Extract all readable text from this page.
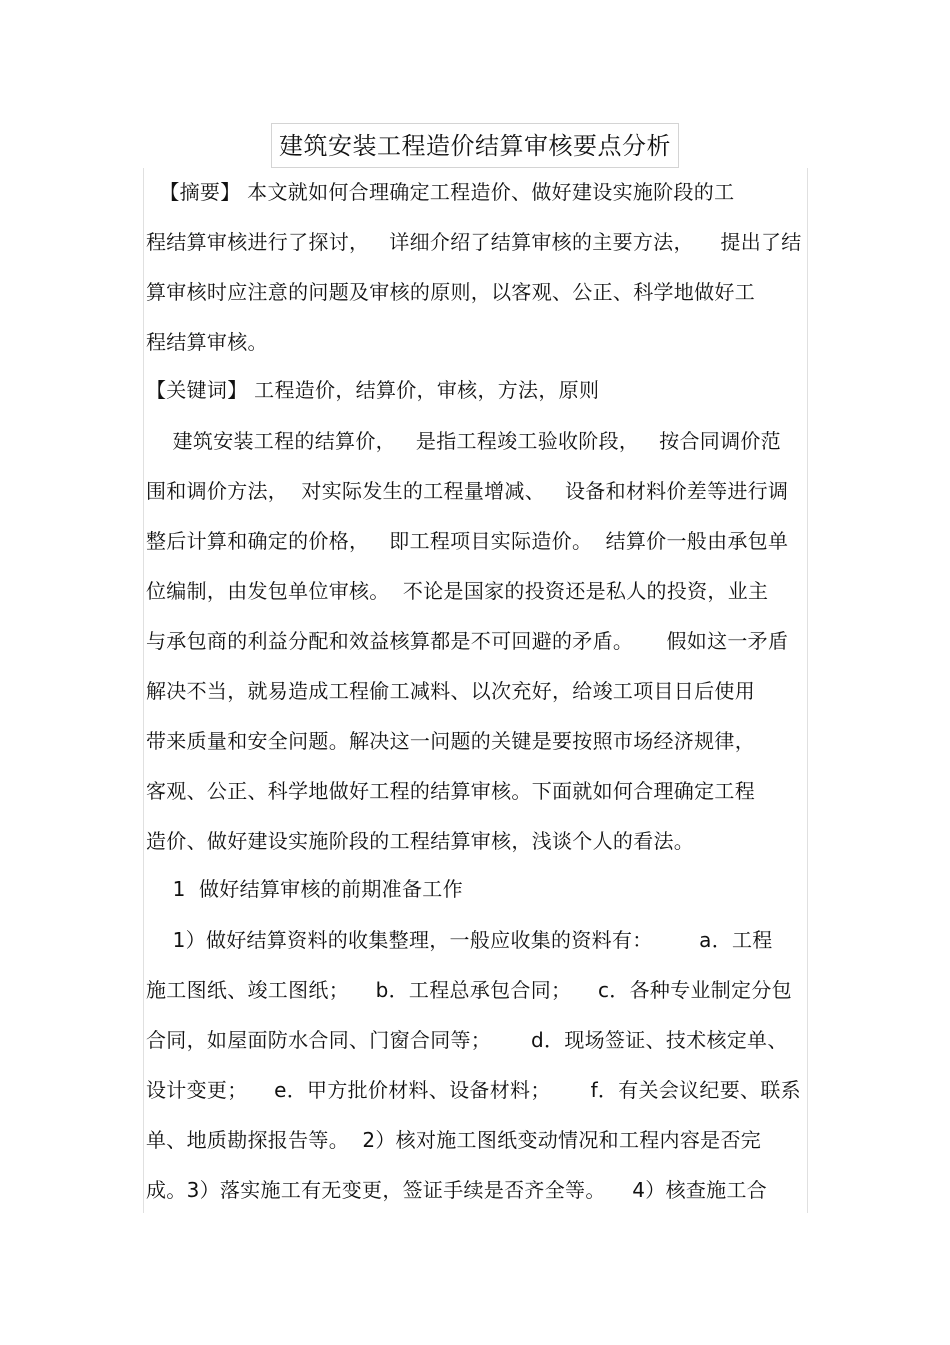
建筑安装工程造价结算审核要点分析
【摘要】 本文就如何合理确定工程造价、做好建设实施阶段的工
程结算审核进行了探讨，   详细介绍了结算审核的主要方法，    提出了结
算审核时应注意的问题及审核的原则，以客观、公正、科学地做好工
程结算审核。
【关键词】 工程造价，结算价，审核，方法，原则
建筑安装工程的结算价，   是指工程竣工验收阶段，   按合同调价范
围和调价方法，  对实际发生的工程量增减、   设备和材料价差等进行调
整后计算和确定的价格，   即工程项目实际造价。  结算价一般由承包单
位编制，由发包单位审核。  不论是国家的投资还是私人的投资，业主
与承包商的利益分配和效益核算都是不可回避的矛盾。     假如这一矛盾
解决不当，就易造成工程偷工减料、以次充好，给竣工项目日后使用
带来质量和安全问题。解决这一问题的关键是要按照市场经济规律，
客观、公正、科学地做好工程的结算审核。下面就如何合理确定工程
造价、做好建设实施阶段的工程结算审核，浅谈个人的看法。
1  做好结算审核的前期准备工作
1）做好结算资料的收集整理，一般应收集的资料有：       a．工程
施工图纸、竣工图纸；    b．工程总承包合同；    c．各种专业制定分包
合同，如屋面防水合同、门窗合同等；      d．现场签证、技术核定单、
设计变更；    e．甲方批价材料、设备材料；      f．有关会议纪要、联系
单、地质勘探报告等。  2）核对施工图纸变动情况和工程内容是否完
成。3）落实施工有无变更，签证手续是否齐全等。    4）核查施工合
